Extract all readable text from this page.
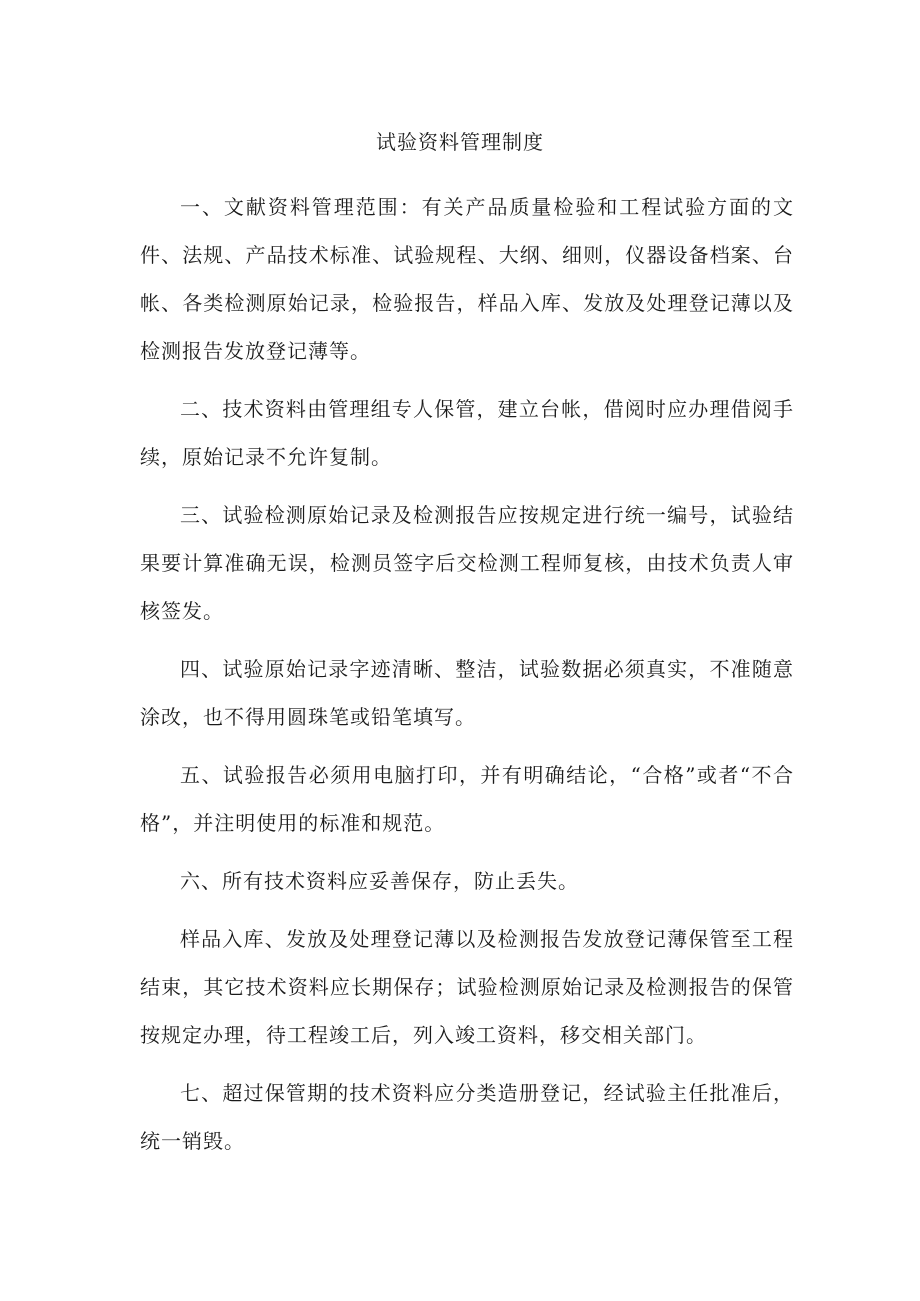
试验资料管理制度

一、文献资料管理范围：有关产品质量检验和工程试验方面的文件、法规、产品技术标准、试验规程、大纲、细则，仪器设备档案、台帐、各类检测原始记录，检验报告，样品入库、发放及处理登记薄以及检测报告发放登记薄等。

二、技术资料由管理组专人保管，建立台帐，借阅时应办理借阅手续，原始记录不允许复制。

三、试验检测原始记录及检测报告应按规定进行统一编号，试验结果要计算准确无误，检测员签字后交检测工程师复核，由技术负责人审核签发。

四、试验原始记录字迹清晰、整洁，试验数据必须真实，不准随意涂改，也不得用圆珠笔或铅笔填写。

五、试验报告必须用电脑打印，并有明确结论，“合格”或者“不合格”，并注明使用的标准和规范。

六、所有技术资料应妥善保存，防止丢失。

样品入库、发放及处理登记薄以及检测报告发放登记薄保管至工程结束，其它技术资料应长期保存；试验检测原始记录及检测报告的保管按规定办理，待工程竣工后，列入竣工资料，移交相关部门。

七、超过保管期的技术资料应分类造册登记，经试验主任批准后，统一销毁。
